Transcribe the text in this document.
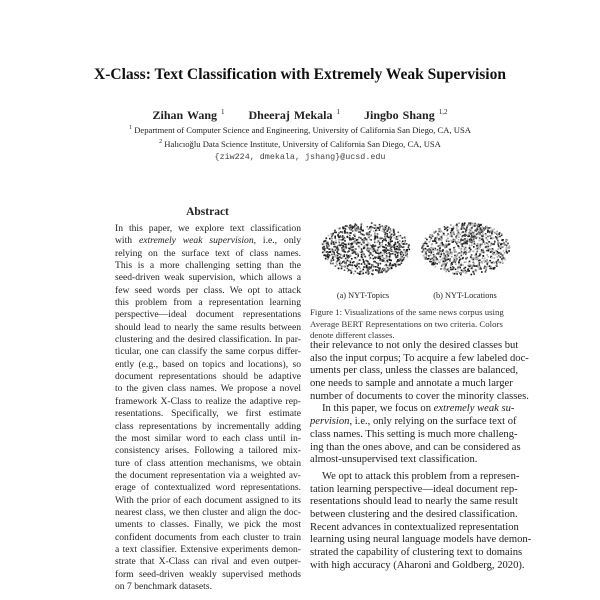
X-Class: Text Classification with Extremely Weak Supervision
Zihan Wang $^1$ Dheeraj Mekala $^1$ Jingbo Shang $^{1,2}$
$^1$ Department of Computer Science and Engineering, University of California San Diego, CA, USA
$^2$ Halıcıoğlu Data Science Institute, University of California San Diego, CA, USA
{ziw224, dmekala, jshang}@ucsd.edu
Abstract
In this paper, we explore text classification
with extremely weak supervision, i.e., only
relying on the surface text of class names.
This is a more challenging setting than the
seed-driven weak supervision, which allows a
few seed words per class. We opt to attack
this problem from a representation learning
perspective—ideal document representations
should lead to nearly the same results between
clustering and the desired classification. In par-
ticular, one can classify the same corpus differ-
ently (e.g., based on topics and locations), so
document representations should be adaptive
to the given class names. We propose a novel
framework X-Class to realize the adaptive rep-
resentations. Specifically, we first estimate
class representations by incrementally adding
the most similar word to each class until in-
consistency arises. Following a tailored mix-
ture of class attention mechanisms, we obtain
the document representation via a weighted av-
erage of contextualized word representations.
With the prior of each document assigned to its
nearest class, we then cluster and align the doc-
uments to classes. Finally, we pick the most
confident documents from each cluster to train
a text classifier. Extensive experiments demon-
strate that X-Class can rival and even outper-
form seed-driven weakly supervised methods
on 7 benchmark datasets.
(a) NYT-Topics	(b) NYT-Locations
Figure 1: Visualizations of the same news corpus using Average BERT Representations on two criteria. Colors denote different classes.
their relevance to not only the desired classes but
also the input corpus; To acquire a few labeled doc-
uments per class, unless the classes are balanced,
one needs to sample and annotate a much larger
number of documents to cover the minority classes.
In this paper, we focus on extremely weak su-
pervision, i.e., only relying on the surface text of
class names. This setting is much more challeng-
ing than the ones above, and can be considered as
almost-unsupervised text classification.
We opt to attack this problem from a represen-
tation learning perspective—ideal document rep-
resentations should lead to nearly the same result
between clustering and the desired classification.
Recent advances in contextualized representation
learning using neural language models have demon-
strated the capability of clustering text to domains
with high accuracy (Aharoni and Goldberg, 2020).
